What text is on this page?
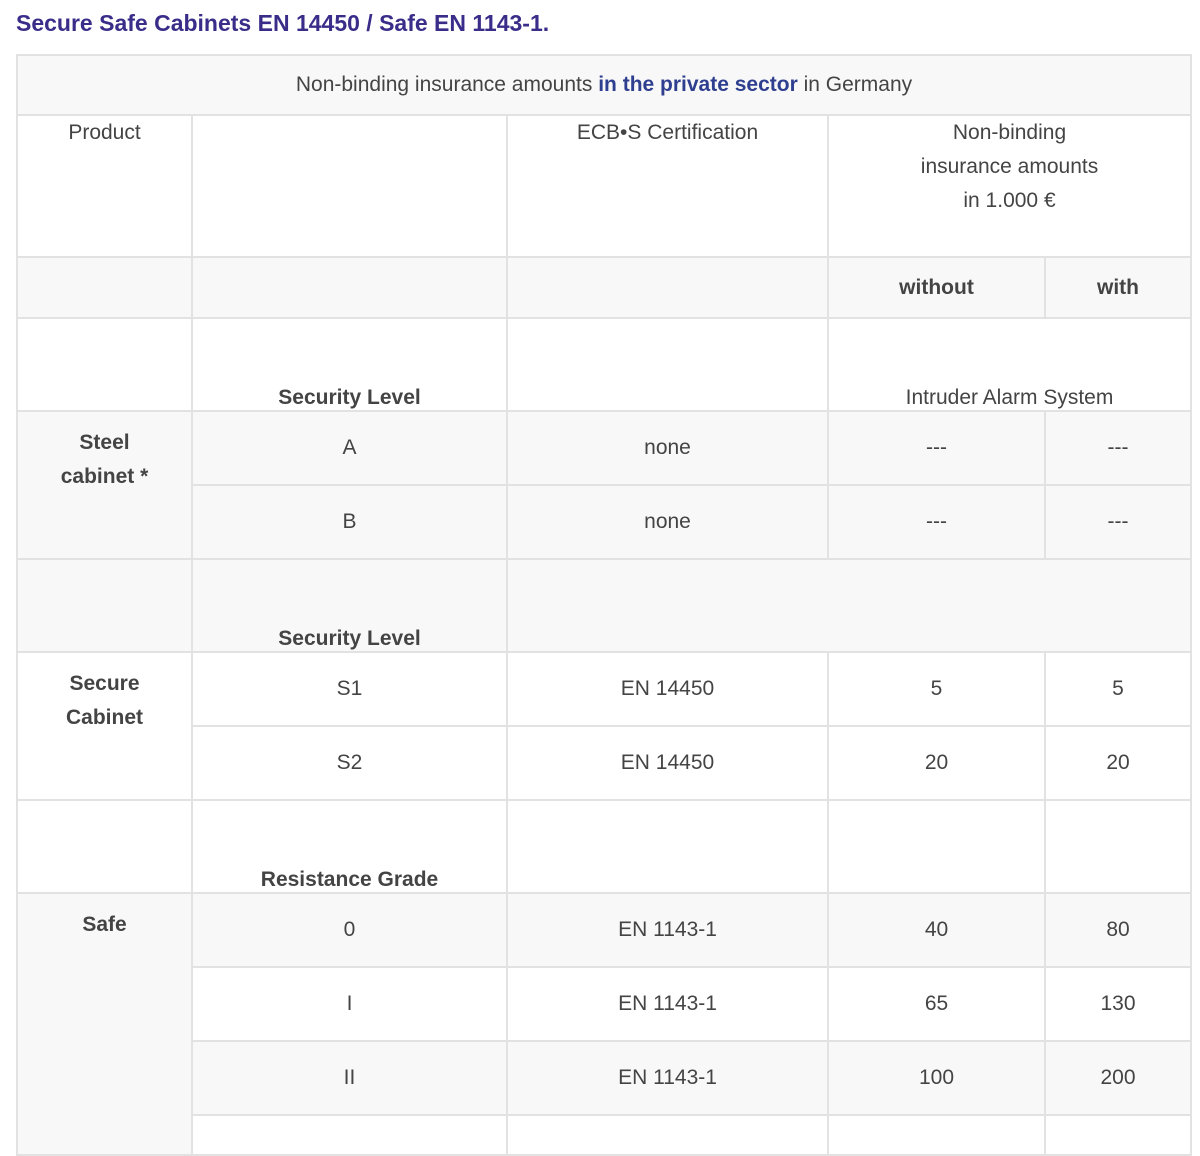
Secure Safe Cabinets EN 14450 / Safe EN 1143-1.
Non-binding insurance amounts in the private sector in Germany				
Product		ECB•S Certification	Non-binding
insurance amounts
in 1.000 €	

			without	with
	Security Level		Intruder Alarm System	

Steel
cabinet *	A	none	---	---
	B	none	---	---
	Security Level			

Secure
Cabinet	S1	EN 14450	5	5
	S2	EN 14450	20	20
	Resistance Grade			

Safe	0	EN 1143-1	40	80
	I	EN 1143-1	65	130
	II	EN 1143-1	100	200
